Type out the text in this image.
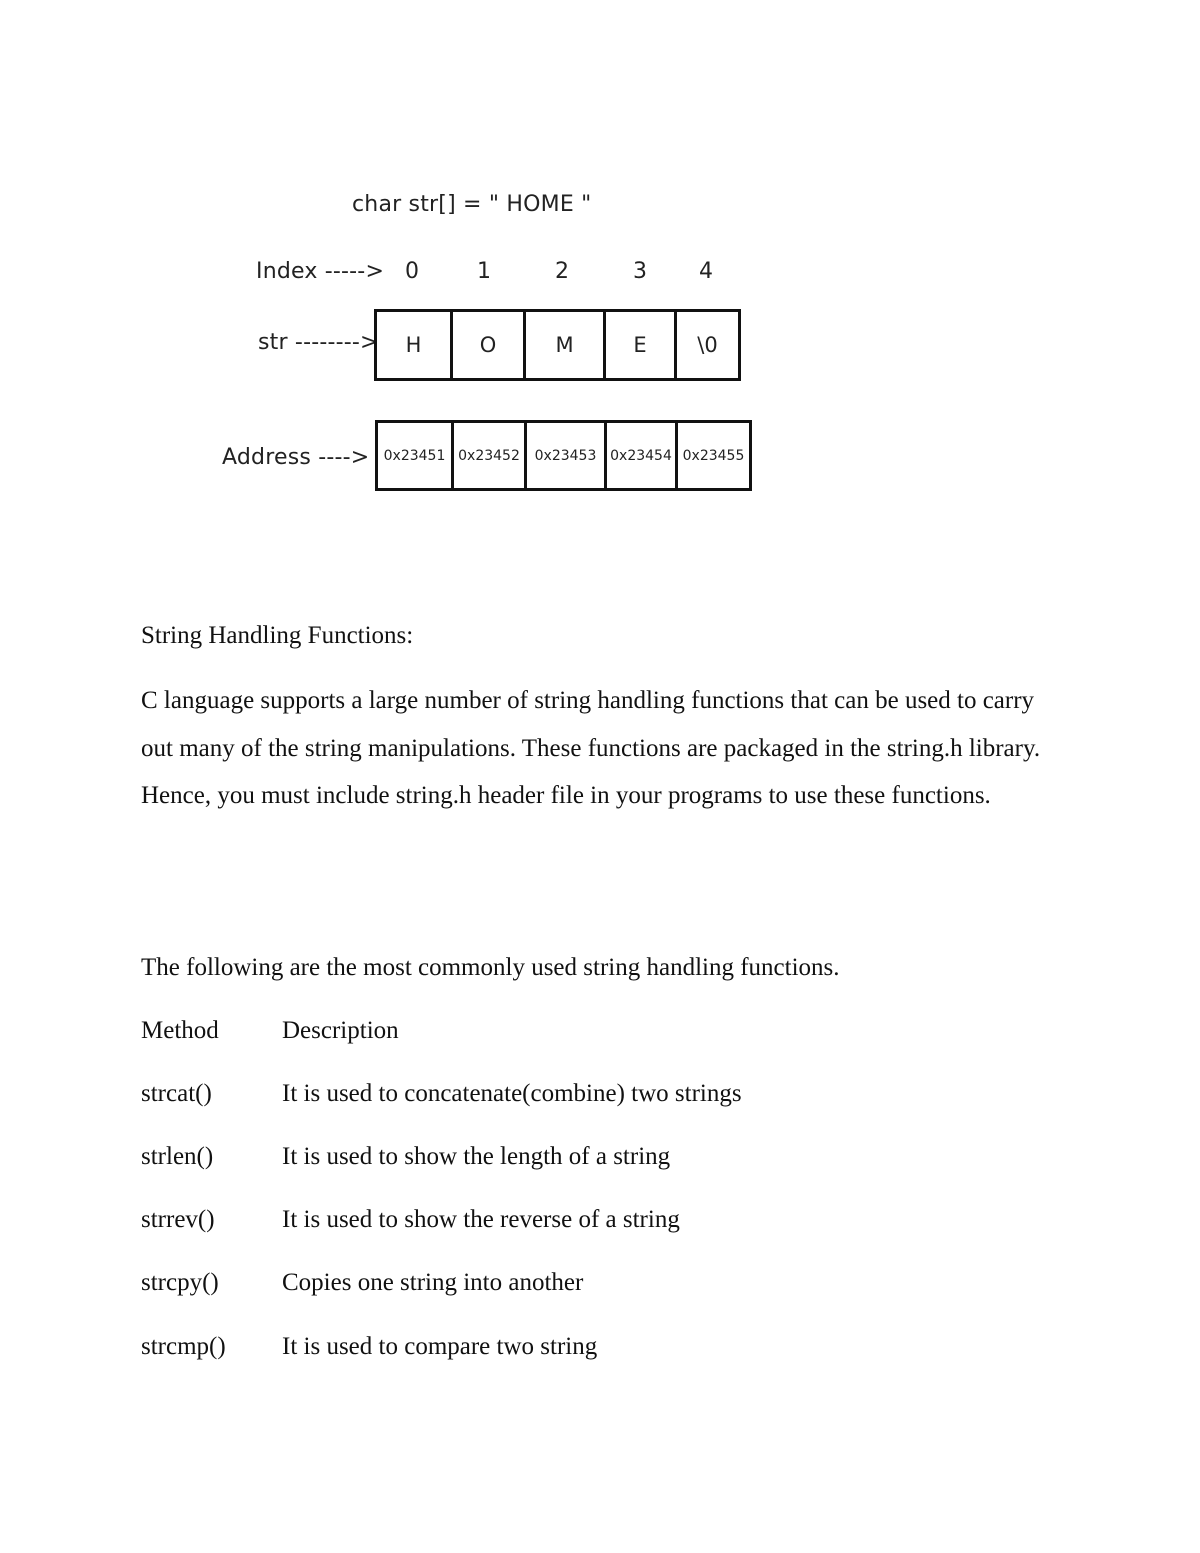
char str[] = " HOME "
Index -----> 0	1	2	3	4
str -------->	H	O	M	E	\0
Address ---->	0x23451 0x23452	0x23453 0x23454 0x23455
String Handling Functions:
C language supports a large number of string handling functions that can be used to carry out many of the string manipulations. These functions are packaged in the string.h library. Hence, you must include string.h header file in your programs to use these functions.
The following are the most commonly used string handling functions.
Method	Description
strcat()	It is used to concatenate(combine) two strings
strlen()	It is used to show the length of a string
strrev()	It is used to show the reverse of a string
strcpy()	Copies one string into another
strcmp() It is used to compare two string
